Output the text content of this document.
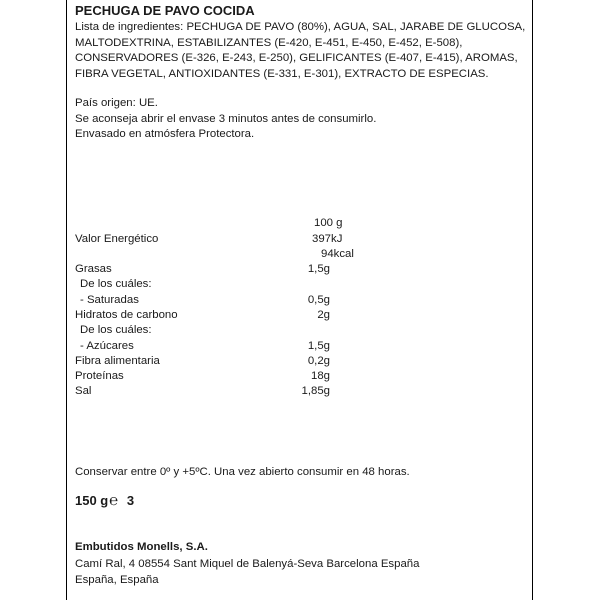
PECHUGA DE PAVO COCIDA
Lista de ingredientes: PECHUGA DE PAVO (80%), AGUA, SAL, JARABE DE GLUCOSA, MALTODEXTRINA, ESTABILIZANTES (E-420, E-451, E-450, E-452, E-508), CONSERVADORES (E-326, E-243, E-250), GELIFICANTES (E-407, E-415), AROMAS, FIBRA VEGETAL, ANTIOXIDANTES (E-331, E-301), EXTRACTO DE ESPECIAS.
País origen: UE.
Se aconseja abrir el envase 3 minutos antes de consumirlo.
Envasado en atmósfera Protectora.
100 g
Valor Energético	397kJ
94kcal
Grasas	1,5g
De los cuáles:
- Saturadas	0,5g
Hidratos de carbono	2g
De los cuáles:
- Azúcares	1,5g
Fibra alimentaria	0,2g
Proteínas	18g
Sal	1,85g
Conservar entre 0º y +5ºC. Una vez abierto consumir en 48 horas.
150 g℮ 3
Embutidos Monells, S.A.
Camí Ral, 4 08554 Sant Miquel de Balenyá-Seva Barcelona España
España, España
